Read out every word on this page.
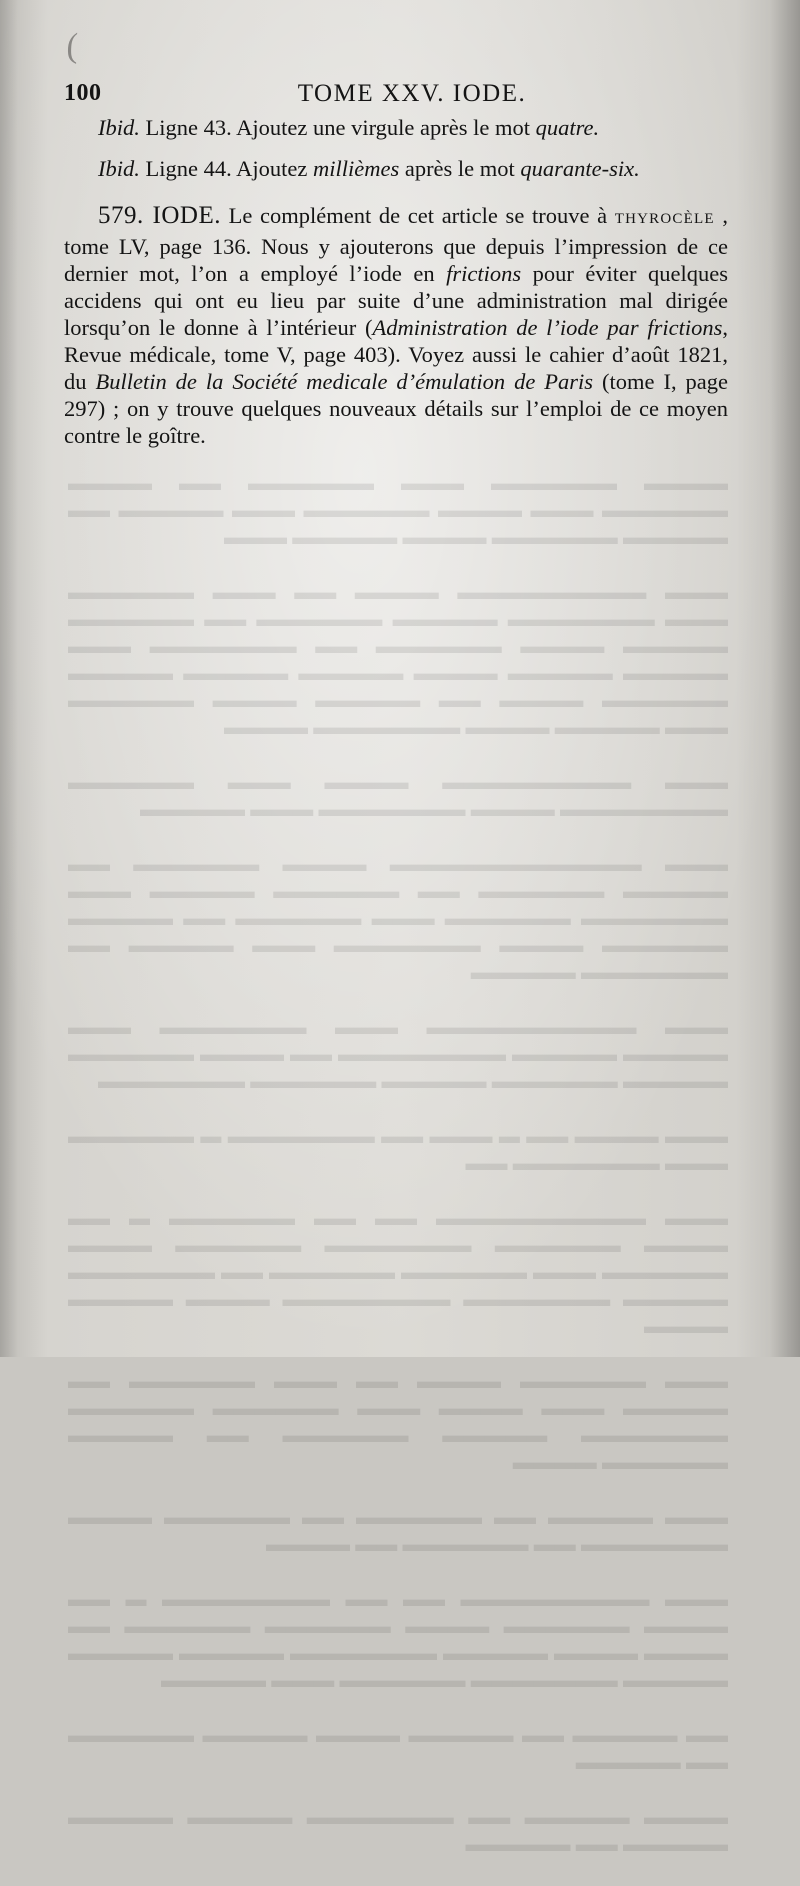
▬▬▬▬ ▬▬▬▬▬▬ ▬▬▬ ▬▬▬▬▬▬ ▬▬ ▬▬▬▬ ▬▬▬▬▬▬ ▬▬▬ ▬▬▬▬ ▬▬▬▬▬▬ ▬▬▬ ▬▬▬▬▬ ▬▬ ▬▬▬▬▬ ▬▬▬▬▬▬ ▬▬▬▬ ▬▬▬▬▬ ▬▬▬

▬▬▬ ▬▬▬▬▬▬▬▬▬ ▬▬▬▬ ▬▬ ▬▬▬ ▬▬▬▬▬▬ ▬▬▬ ▬▬▬▬▬▬▬ ▬▬▬▬▬ ▬▬▬▬▬▬ ▬▬ ▬▬▬▬▬▬ ▬▬▬▬▬ ▬▬▬▬ ▬▬▬▬▬▬ ▬▬ ▬▬▬▬▬▬▬ ▬▬▬ ▬▬▬▬▬ ▬▬▬▬▬ ▬▬▬▬ ▬▬▬▬▬ ▬▬▬▬▬ ▬▬▬▬▬ ▬▬▬▬▬▬ ▬▬▬▬ ▬▬ ▬▬▬▬▬ ▬▬▬▬ ▬▬▬▬▬▬ ▬▬▬ ▬▬▬▬▬ ▬▬▬▬ ▬▬▬▬▬▬▬ ▬▬▬▬

▬▬▬ ▬▬▬▬▬▬▬▬▬ ▬▬▬▬ ▬▬▬ ▬▬▬▬▬▬ ▬▬▬▬▬▬▬▬ ▬▬▬▬ ▬▬▬▬▬▬▬ ▬▬▬ ▬▬▬▬▬

▬▬▬ ▬▬▬▬▬▬▬▬▬▬▬▬ ▬▬▬▬ ▬▬▬▬▬▬ ▬▬ ▬▬▬▬▬ ▬▬▬▬▬▬ ▬▬ ▬▬▬▬▬▬ ▬▬▬▬▬ ▬▬▬ ▬▬▬▬▬▬▬ ▬▬▬▬▬▬ ▬▬▬ ▬▬▬▬▬▬ ▬▬ ▬▬▬▬▬ ▬▬▬▬▬▬ ▬▬▬▬ ▬▬▬▬▬▬▬ ▬▬▬ ▬▬▬▬▬ ▬▬ ▬▬▬▬▬▬▬ ▬▬▬▬▬

▬▬▬ ▬▬▬▬▬▬▬▬▬▬ ▬▬▬ ▬▬▬▬▬▬▬ ▬▬▬ ▬▬▬▬▬ ▬▬▬▬▬ ▬▬▬▬▬▬▬▬ ▬▬ ▬▬▬▬ ▬▬▬▬▬▬ ▬▬▬▬▬ ▬▬▬▬▬▬ ▬▬▬▬▬ ▬▬▬▬▬▬ ▬▬▬▬▬▬▬

▬▬▬ ▬▬▬▬ ▬▬ ▬ ▬▬▬ ▬▬ ▬▬▬▬▬▬▬ ▬ ▬▬▬▬▬▬ ▬▬▬ ▬▬▬▬▬▬▬ ▬▬

▬▬▬ ▬▬▬▬▬▬▬▬▬▬ ▬▬ ▬▬ ▬▬▬▬▬▬ ▬ ▬▬ ▬▬▬▬ ▬▬▬▬▬▬ ▬▬▬▬▬▬▬ ▬▬▬▬▬▬ ▬▬▬▬ ▬▬▬▬▬▬ ▬▬▬ ▬▬▬▬▬▬ ▬▬▬▬▬▬ ▬▬ ▬▬▬▬▬▬▬ ▬▬▬▬▬ ▬▬▬▬▬▬▬ ▬▬▬▬▬▬▬▬ ▬▬▬▬ ▬▬▬▬▬ ▬▬▬▬

▬▬▬ ▬▬▬▬▬▬ ▬▬▬▬ ▬▬ ▬▬▬ ▬▬▬▬▬▬ ▬▬ ▬▬▬▬▬ ▬▬▬ ▬▬▬▬ ▬▬▬ ▬▬▬▬▬▬ ▬▬▬▬▬▬ ▬▬▬▬▬▬▬ ▬▬▬▬▬ ▬▬▬▬▬▬ ▬▬ ▬▬▬▬▬ ▬▬▬▬▬▬ ▬▬▬▬

▬▬▬ ▬▬▬▬▬ ▬▬ ▬▬▬▬▬▬ ▬▬ ▬▬▬▬▬▬ ▬▬▬▬ ▬▬▬▬▬▬▬ ▬▬ ▬▬▬▬▬▬ ▬▬ ▬▬▬▬

▬▬▬ ▬▬▬▬▬▬▬▬▬ ▬▬ ▬▬ ▬▬▬▬▬▬▬▬ ▬ ▬▬ ▬▬▬▬ ▬▬▬▬▬▬ ▬▬▬▬ ▬▬▬▬▬▬ ▬▬▬▬▬▬ ▬▬ ▬▬▬▬ ▬▬▬▬ ▬▬▬▬▬ ▬▬▬▬▬▬▬ ▬▬▬▬▬ ▬▬▬▬▬ ▬▬▬▬▬ ▬▬▬▬▬▬▬ ▬▬▬▬▬▬ ▬▬▬ ▬▬▬▬▬

▬▬ ▬▬▬▬▬ ▬▬ ▬▬▬▬▬ ▬▬▬▬ ▬▬▬▬▬ ▬▬▬▬▬▬ ▬▬ ▬▬▬▬▬

▬▬▬▬ ▬▬▬▬▬ ▬▬ ▬▬▬▬▬▬▬ ▬▬▬▬▬ ▬▬▬▬▬ ▬▬▬▬▬ ▬▬ ▬▬▬▬▬

(
100	TOME XXV. IODE.

Ibid. Ligne 43. Ajoutez une virgule après le mot quatre.

Ibid. Ligne 44. Ajoutez millièmes après le mot quarante-six.

579. IODE. Le complément de cet article se trouve à THYROCÈLE , tome LV, page 136. Nous y ajouterons que depuis l’impression de ce dernier mot, l’on a employé l’iode en frictions pour éviter quelques accidens qui ont eu lieu par suite d’une administration mal dirigée lorsqu’on le donne à l’intérieur (Administration de l’iode par frictions, Revue médicale, tome V, page 403). Voyez aussi le cahier d’août 1821, du Bulletin de la Société medicale d’émulation de Paris (tome I, page 297) ; on y trouve quelques nouveaux détails sur l’emploi de ce moyen contre le goître.
